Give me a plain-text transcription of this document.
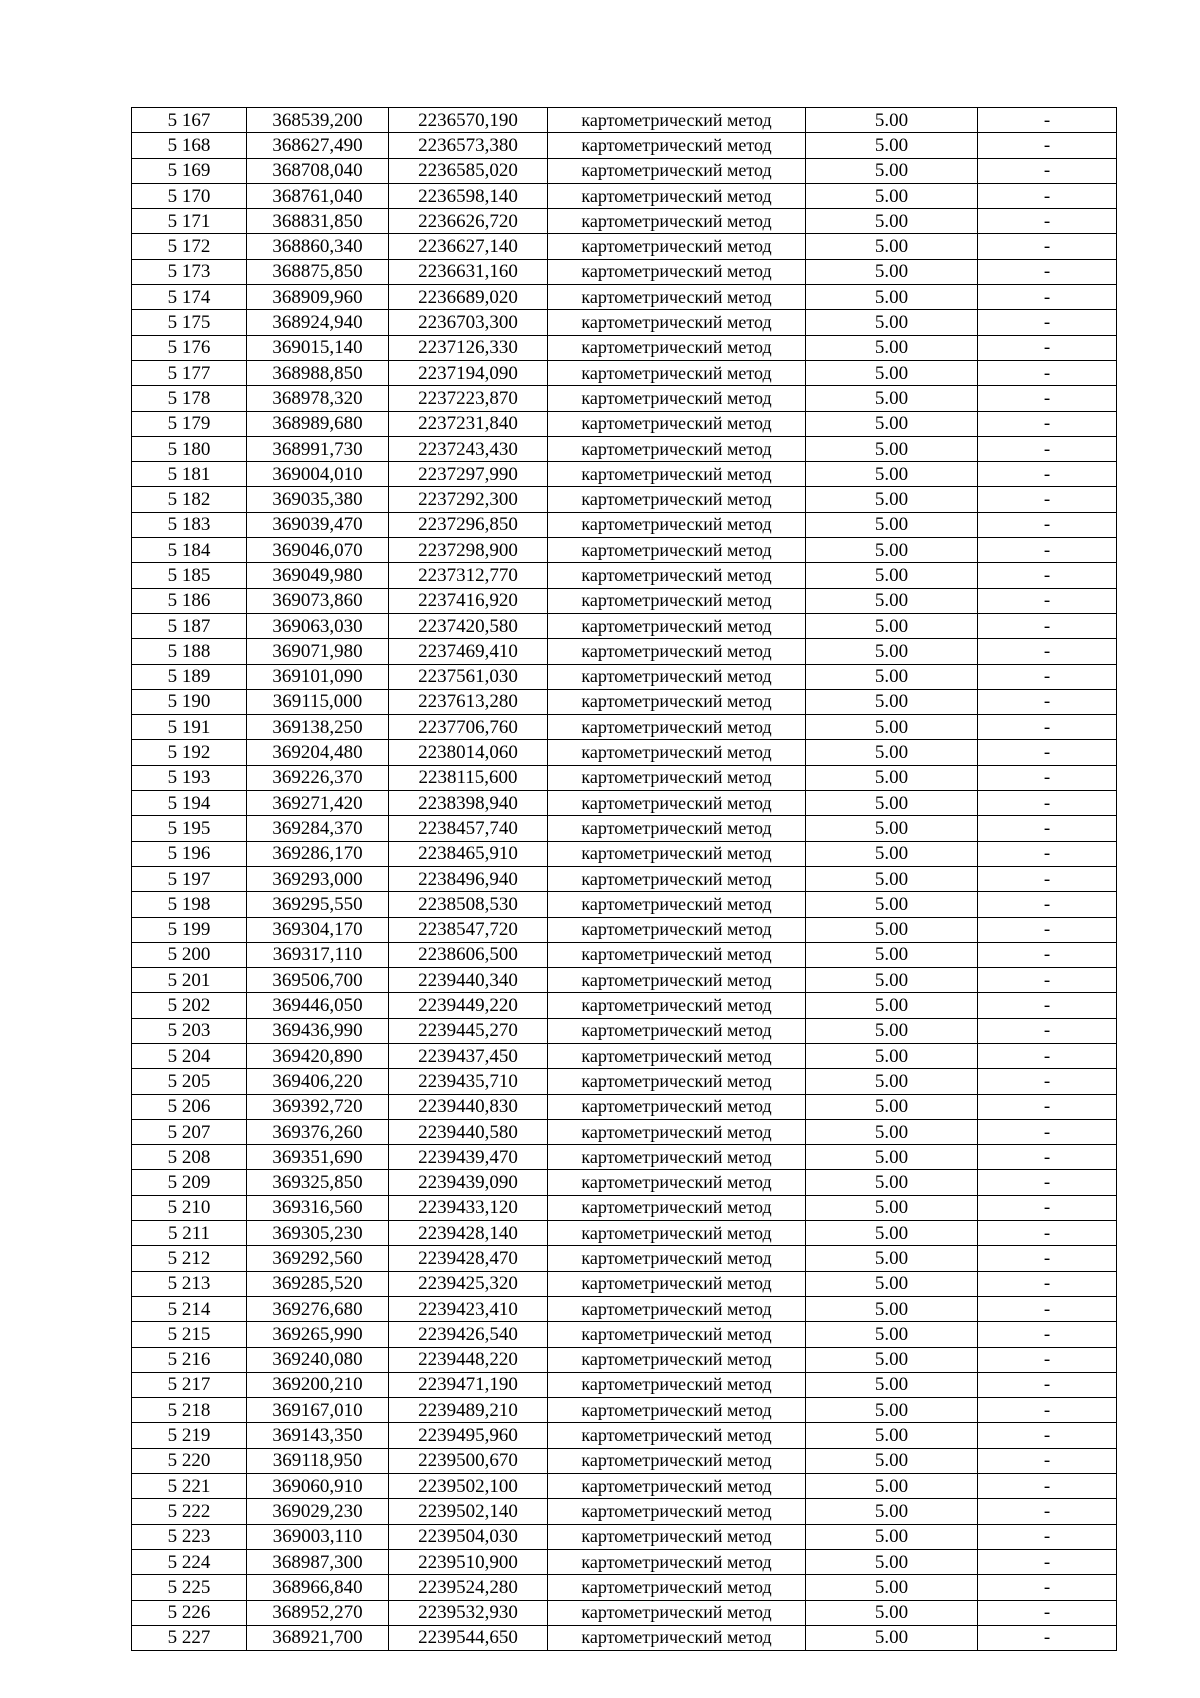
5 167	368539,200	2236570,190	картометрический метод	5.00	-
5 168	368627,490	2236573,380	картометрический метод	5.00	-
5 169	368708,040	2236585,020	картометрический метод	5.00	-
5 170	368761,040	2236598,140	картометрический метод	5.00	-
5 171	368831,850	2236626,720	картометрический метод	5.00	-
5 172	368860,340	2236627,140	картометрический метод	5.00	-
5 173	368875,850	2236631,160	картометрический метод	5.00	-
5 174	368909,960	2236689,020	картометрический метод	5.00	-
5 175	368924,940	2236703,300	картометрический метод	5.00	-
5 176	369015,140	2237126,330	картометрический метод	5.00	-
5 177	368988,850	2237194,090	картометрический метод	5.00	-
5 178	368978,320	2237223,870	картометрический метод	5.00	-
5 179	368989,680	2237231,840	картометрический метод	5.00	-
5 180	368991,730	2237243,430	картометрический метод	5.00	-
5 181	369004,010	2237297,990	картометрический метод	5.00	-
5 182	369035,380	2237292,300	картометрический метод	5.00	-
5 183	369039,470	2237296,850	картометрический метод	5.00	-
5 184	369046,070	2237298,900	картометрический метод	5.00	-
5 185	369049,980	2237312,770	картометрический метод	5.00	-
5 186	369073,860	2237416,920	картометрический метод	5.00	-
5 187	369063,030	2237420,580	картометрический метод	5.00	-
5 188	369071,980	2237469,410	картометрический метод	5.00	-
5 189	369101,090	2237561,030	картометрический метод	5.00	-
5 190	369115,000	2237613,280	картометрический метод	5.00	-
5 191	369138,250	2237706,760	картометрический метод	5.00	-
5 192	369204,480	2238014,060	картометрический метод	5.00	-
5 193	369226,370	2238115,600	картометрический метод	5.00	-
5 194	369271,420	2238398,940	картометрический метод	5.00	-
5 195	369284,370	2238457,740	картометрический метод	5.00	-
5 196	369286,170	2238465,910	картометрический метод	5.00	-
5 197	369293,000	2238496,940	картометрический метод	5.00	-
5 198	369295,550	2238508,530	картометрический метод	5.00	-
5 199	369304,170	2238547,720	картометрический метод	5.00	-
5 200	369317,110	2238606,500	картометрический метод	5.00	-
5 201	369506,700	2239440,340	картометрический метод	5.00	-
5 202	369446,050	2239449,220	картометрический метод	5.00	-
5 203	369436,990	2239445,270	картометрический метод	5.00	-
5 204	369420,890	2239437,450	картометрический метод	5.00	-
5 205	369406,220	2239435,710	картометрический метод	5.00	-
5 206	369392,720	2239440,830	картометрический метод	5.00	-
5 207	369376,260	2239440,580	картометрический метод	5.00	-
5 208	369351,690	2239439,470	картометрический метод	5.00	-
5 209	369325,850	2239439,090	картометрический метод	5.00	-
5 210	369316,560	2239433,120	картометрический метод	5.00	-
5 211	369305,230	2239428,140	картометрический метод	5.00	-
5 212	369292,560	2239428,470	картометрический метод	5.00	-
5 213	369285,520	2239425,320	картометрический метод	5.00	-
5 214	369276,680	2239423,410	картометрический метод	5.00	-
5 215	369265,990	2239426,540	картометрический метод	5.00	-
5 216	369240,080	2239448,220	картометрический метод	5.00	-
5 217	369200,210	2239471,190	картометрический метод	5.00	-
5 218	369167,010	2239489,210	картометрический метод	5.00	-
5 219	369143,350	2239495,960	картометрический метод	5.00	-
5 220	369118,950	2239500,670	картометрический метод	5.00	-
5 221	369060,910	2239502,100	картометрический метод	5.00	-
5 222	369029,230	2239502,140	картометрический метод	5.00	-
5 223	369003,110	2239504,030	картометрический метод	5.00	-
5 224	368987,300	2239510,900	картометрический метод	5.00	-
5 225	368966,840	2239524,280	картометрический метод	5.00	-
5 226	368952,270	2239532,930	картометрический метод	5.00	-
5 227	368921,700	2239544,650	картометрический метод	5.00	-
